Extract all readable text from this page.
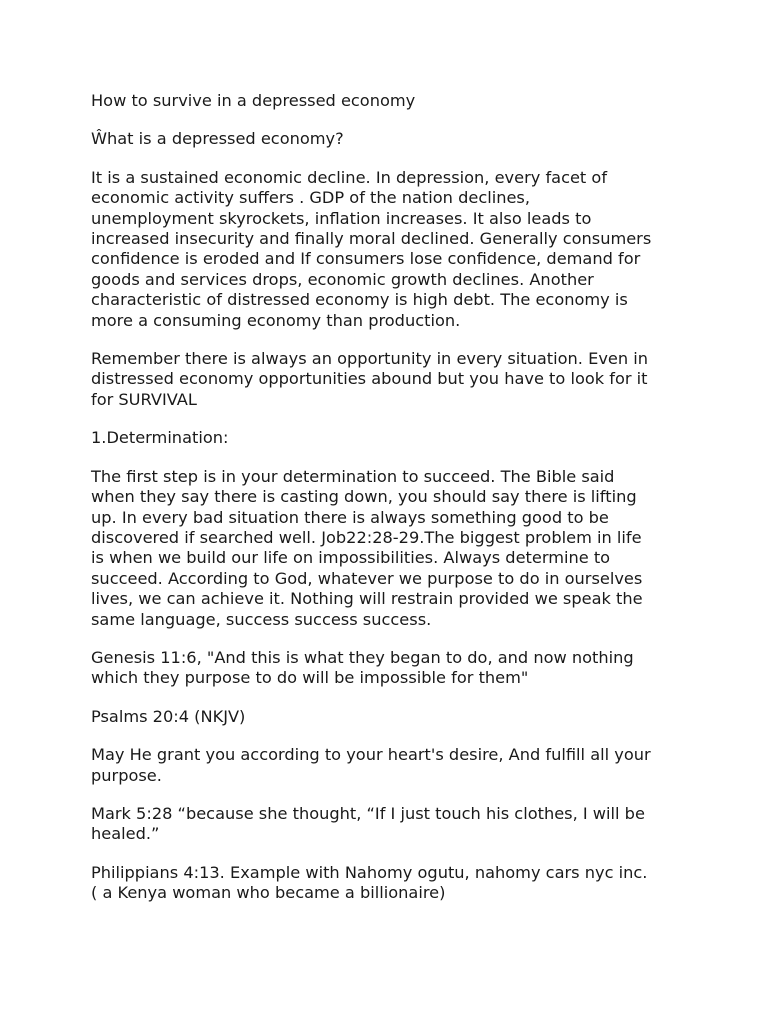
How to survive in a depressed economy

Ŵhat is a depressed economy?

It is a sustained economic decline. In depression, every facet of
economic activity suffers . GDP of the nation declines,
unemployment skyrockets, inflation increases. It also leads to
increased insecurity and finally moral declined. Generally consumers
confidence is eroded and If consumers lose confidence, demand for
goods and services drops, economic growth declines. Another
characteristic of distressed economy is high debt. The economy is
more a consuming economy than production.

Remember there is always an opportunity in every situation. Even in
distressed economy opportunities abound but you have to look for it
for SURVIVAL

1.Determination:

The first step is in your determination to succeed. The Bible said
when they say there is casting down, you should say there is lifting
up. In every bad situation there is always something good to be
discovered if searched well. Job22:28-29.The biggest problem in life
is when we build our life on impossibilities. Always determine to
succeed. According to God, whatever we purpose to do in ourselves
lives, we can achieve it. Nothing will restrain provided we speak the
same language, success success success.

Genesis 11:6, "And this is what they began to do, and now nothing
which they purpose to do will be impossible for them"

Psalms 20:4 (NKJV)

May He grant you according to your heart's desire, And fulfill all your
purpose.

Mark 5:28 “because she thought, “If I just touch his clothes, I will be
healed.”

Philippians 4:13. Example with Nahomy ogutu, nahomy cars nyc inc.
( a Kenya woman who became a billionaire)
